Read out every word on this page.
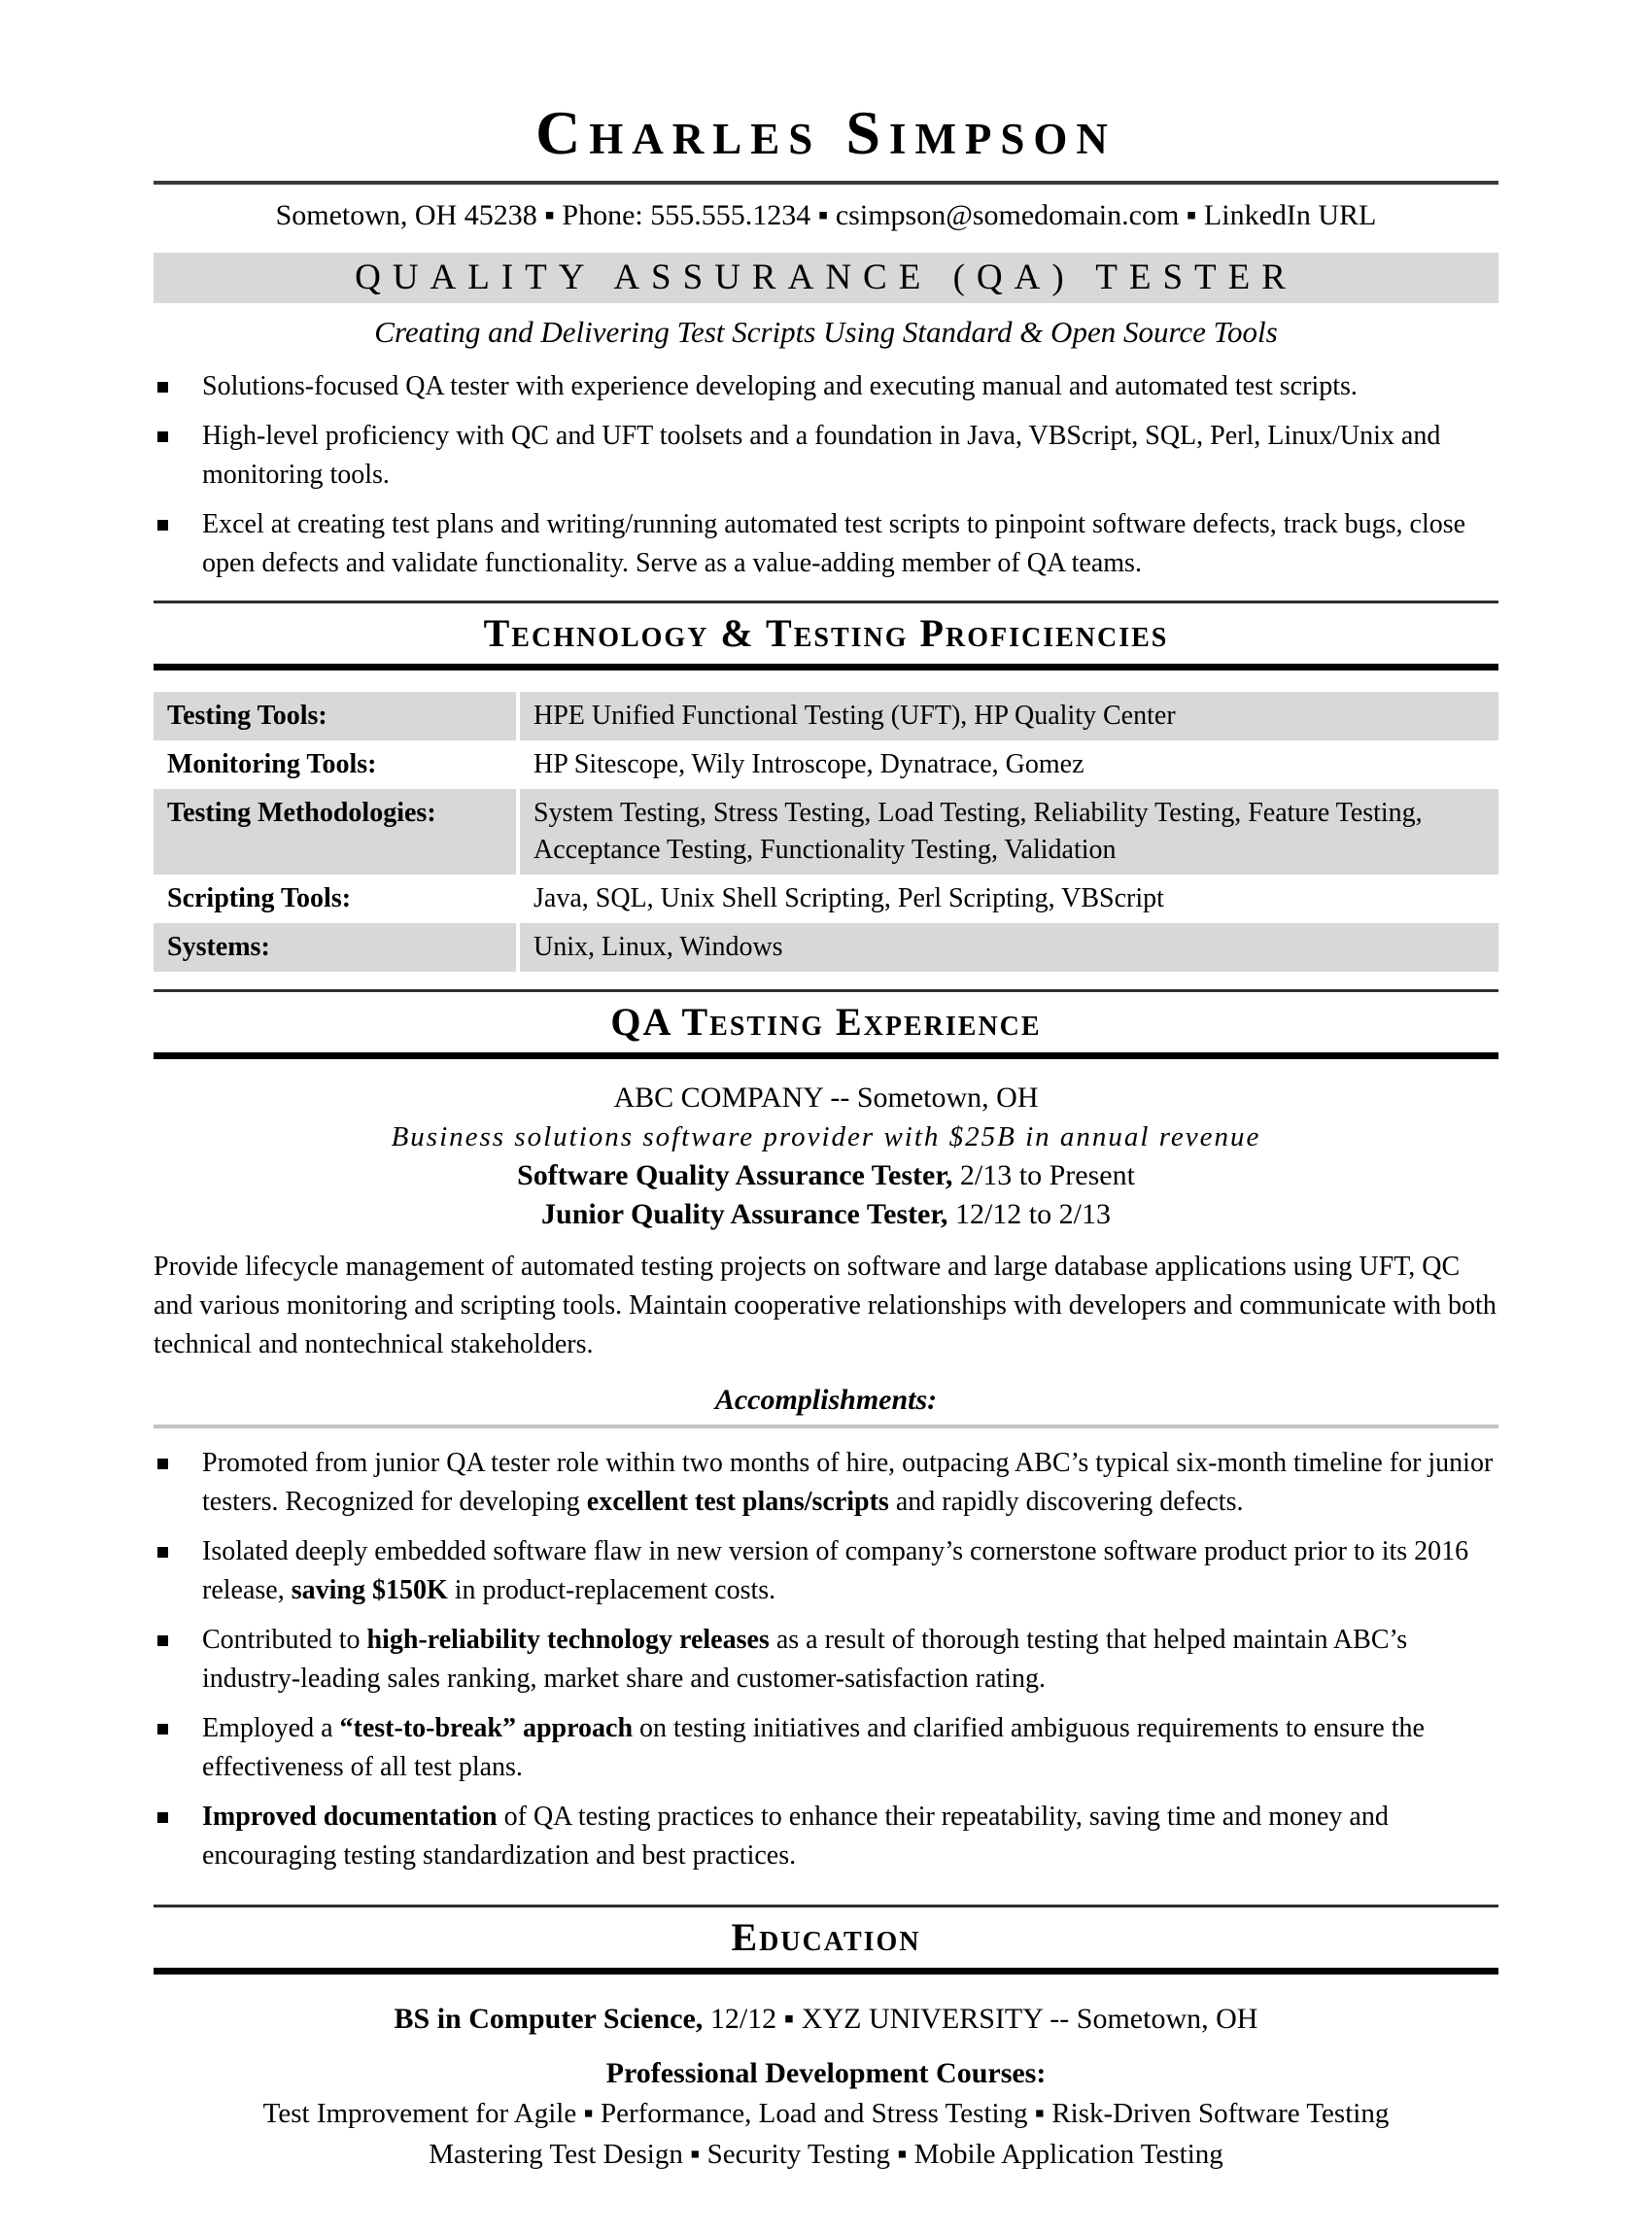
Charles Simpson
Sometown, OH 45238 ▪ Phone: 555.555.1234 ▪ csimpson@somedomain.com ▪ LinkedIn URL
QUALITY ASSURANCE (QA) TESTER
Creating and Delivering Test Scripts Using Standard & Open Source Tools
Solutions-focused QA tester with experience developing and executing manual and automated test scripts.
High-level proficiency with QC and UFT toolsets and a foundation in Java, VBScript, SQL, Perl, Linux/Unix and monitoring tools.
Excel at creating test plans and writing/running automated test scripts to pinpoint software defects, track bugs, close open defects and validate functionality. Serve as a value-adding member of QA teams.
Technology & Testing Proficiencies
Testing Tools:	HPE Unified Functional Testing (UFT), HP Quality Center
Monitoring Tools:	HP Sitescope, Wily Introscope, Dynatrace, Gomez
Testing Methodologies:	System Testing, Stress Testing, Load Testing, Reliability Testing, Feature Testing, Acceptance Testing, Functionality Testing, Validation
Scripting Tools:	Java, SQL, Unix Shell Scripting, Perl Scripting, VBScript
Systems:	Unix, Linux, Windows
QA Testing Experience
ABC COMPANY -- Sometown, OH
Business solutions software provider with $25B in annual revenue
Software Quality Assurance Tester, 2/13 to Present
Junior Quality Assurance Tester, 12/12 to 2/13
Provide lifecycle management of automated testing projects on software and large database applications using UFT, QC and various monitoring and scripting tools. Maintain cooperative relationships with developers and communicate with both technical and nontechnical stakeholders.
Accomplishments:
Promoted from junior QA tester role within two months of hire, outpacing ABC’s typical six-month timeline for junior testers. Recognized for developing excellent test plans/scripts and rapidly discovering defects.
Isolated deeply embedded software flaw in new version of company’s cornerstone software product prior to its 2016 release, saving $150K in product-replacement costs.
Contributed to high-reliability technology releases as a result of thorough testing that helped maintain ABC’s industry-leading sales ranking, market share and customer-satisfaction rating.
Employed a “test-to-break” approach on testing initiatives and clarified ambiguous requirements to ensure the effectiveness of all test plans.
Improved documentation of QA testing practices to enhance their repeatability, saving time and money and encouraging testing standardization and best practices.
Education
BS in Computer Science, 12/12 ▪ XYZ UNIVERSITY -- Sometown, OH
Professional Development Courses:
Test Improvement for Agile ▪ Performance, Load and Stress Testing ▪ Risk-Driven Software Testing
Mastering Test Design ▪ Security Testing ▪ Mobile Application Testing
